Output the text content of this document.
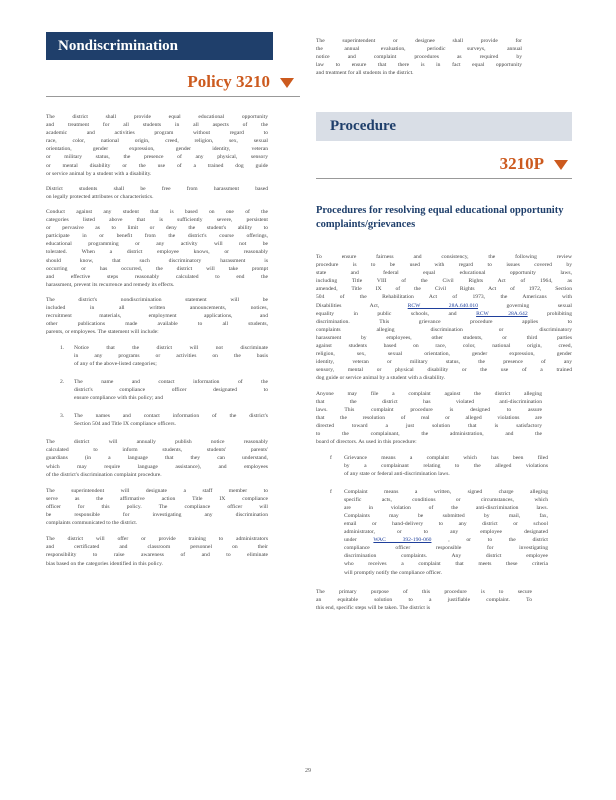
Nondiscrimination
Policy 3210
Procedure
3210P
Procedures for resolving equal educational opportunity complaints/grievances
29
The district shall provide equal educational opportunity
and treatment for all students in all aspects of the
academic and activities program without regard to
race, color, national origin, creed, religion, sex, sexual
orientation, gender expression, gender identity, veteran
or military status, the presence of any physical, sensory
or mental disability or the use of a trained dog guide
or service animal by a student with a disability.
District students shall be free from harassment based
on legally protected attributes or characteristics.
Conduct against any student that is based on one of the
categories listed above that is sufficiently severe, persistent
or pervasive as to limit or deny the student's ability to
participate in or benefit from the district's course offerings,
educational programming or any activity will not be
tolerated. When a district employee knows, or reasonably
should know, that such discriminatory harassment is
occurring or has occurred, the district will take prompt
and effective steps reasonably calculated to end the
harassment, prevent its recurrence and remedy its effects.
The district's nondiscrimination statement will be
included in all written announcements, notices,
recruitment materials, employment applications, and
other publications made available to all students,
parents, or employees. The statement will include:
1. Notice that the district will not discriminate
in any programs or activities on the basis
of any of the above-listed categories;
2. The name and contact information of the
district's compliance officer designated to
ensure compliance with this policy; and
3. The names and contact information of the district's
Section 504 and Title IX compliance officers.
The district will annually publish notice reasonably
calculated to inform students, students' parents'
guardians (in a language that they can understand,
which may require language assistance), and employees
of the district's discrimination complaint procedure.
The superintendent will designate a staff member to
serve as the affirmative action Title IX compliance
officer for this policy. The compliance officer will
be responsible for investigating any discrimination
complaints communicated to the district.
The district will offer or provide training to administrators
and certificated and classroom personnel on their
responsibility to raise awareness of and to eliminate
bias based on the categories identified in this policy.
The superintendent or designee shall provide for
the annual evaluation, periodic surveys, annual
notice and complaint procedures as required by
law to ensure that there is in fact equal opportunity
and treatment for all students in the district.
To ensure fairness and consistency, the following review
procedure is to be used with regard to issues covered by
state and federal equal educational opportunity laws,
including Title VIII of the Civil Rights Act of 1964, as
amended, Title IX of the Civil Rights Act of 1972, Section
504 of the Rehabilitation Act of 1973, the Americans with
Disabilities Act, RCW 28A.640.010 governing sexual
equality in public schools, and RCW 28A.642 prohibiting
discrimination. This grievance procedure applies to
complaints alleging discrimination or discriminatory
harassment by employees, other students, or third parties
against students based on race, color, national origin, creed,
religion, sex, sexual orientation, gender expression, gender
identity, veteran or military status, the presence of any
sensory, mental or physical disability or the use of a trained
dog guide or service animal by a student with a disability.
Anyone may file a complaint against the district alleging
that the district has violated anti-discrimination
laws. This complaint procedure is designed to assure
that the resolution of real or alleged violations are
directed toward a just solution that is satisfactory
to the complainant, the administration, and the
board of directors. As used in this procedure:
f Grievance means a complaint which has been filed
by a complainant relating to the alleged violations
of any state or federal anti-discrimination laws.
f Complaint means a written, signed charge alleging
specific acts, conditions or circumstances, which
are in violation of the anti-discrimination laws.
Complaints may be submitted by mail, fax,
email or hand-delivery to any district or school
administrator, or to any employee designated
under WAC 392-190-060 , or to the district
compliance officer responsible for investigating
discrimination complaints. Any district employee
who receives a complaint that meets these criteria
will promptly notify the compliance officer.
The primary purpose of this procedure is to secure
an equitable solution to a justifiable complaint. To
this end, specific steps will be taken. The district is
